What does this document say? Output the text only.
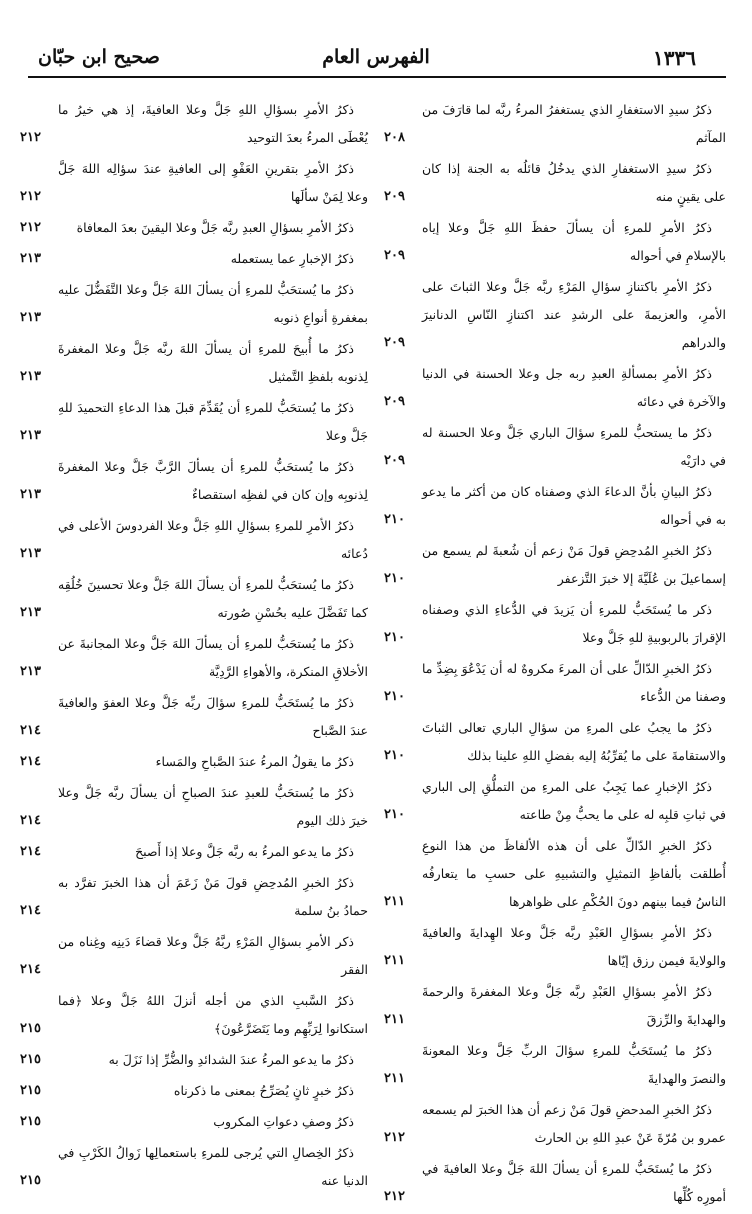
١٣٣٦
الفهرس العام
صحيح ابن حبّان
ذكرُ سيدِ الاستغفارِ الذي يستغفرُ المرءُ ربَّه لما قارَفَ من المآثم
٢٠٨
ذكرُ سيدِ الاستغفارِ الذي يدخُلُ قائلُه به الجنة إذا كان على يقينٍ منه
٢٠٩
ذكرُ الأمرِ للمرءِ أن يسألَ حفظَ اللهِ جَلَّ وعلا إياه بالإسلامِ في أحواله
٢٠٩
ذكرُ الأمرِ باكتنازِ سؤالِ المَرْءِ ربَّه جَلَّ وعلا الثباتَ على الأمرِ، والعزيمةَ على الرشدِ عند اكتنازِ النّاسِ الدنانيرَ والدراهم
٢٠٩
ذكرُ الأمرِ بمسألةِ العبدِ ربه جل وعلا الحسنة في الدنيا والآخرة في دعائه
٢٠٩
ذكرُ ما يستحبُّ للمرءِ سؤالَ الباري جَلَّ وعلا الحسنة له في دارَيْه
٢٠٩
ذكرُ البيانِ بأنَّ الدعاءَ الذي وصفناه كان من أكثر ما يدعو به في أحواله
٢١٠
ذكرُ الخبرِ المُدحِضِ قولَ مَنْ زعم أن شُعبةَ لم يسمع من إسماعيلَ بن عُلَيَّةَ إلا خبرَ التَّزعفر
٢١٠
ذكر ما يُستَحَبُّ للمرءِ أن يَزيدَ في الدُّعاءِ الذي وصفناه الإقرارَ بالربوبيةِ للهِ جَلَّ وعلا
٢١٠
ذكرُ الخبرِ الدّالِّ على أن المرءَ مكروهٌ له أن يَدْعُوَ بِضِدِّ ما وصفنا من الدُّعاء
٢١٠
ذكرُ ما يجبُ على المرءِ من سؤالِ الباري تعالى الثباتَ والاستقامةَ على ما يُقرِّبُهُ إليه بفضلِ اللهِ علينا بذلك
٢١٠
ذكرُ الإخبارِ عما يَجِبُ على المرءِ من التملُّقِ إلى الباري في ثباتِ قلبِه له على ما يحبُّ مِنْ طاعته
٢١٠
ذكرُ الخبرِ الدّالِّ على أن هذه الألفاظَ من هذا النوعِ أُطلقت بألفاظِ التمثيلِ والتشبيهِ على حسبِ ما يتعارفُه الناسُ فيما بينهم دونَ الحُكْمِ على ظواهرها
٢١١
ذكرُ الأمرِ بسؤالِ العَبْدِ ربَّه جَلَّ وعلا الهِدايةَ والعافيةَ والولايةَ فيمن رزق إيّاها
٢١١
ذكرُ الأمرِ بسؤالِ العَبْدِ ربَّه جَلَّ وعلا المغفرةَ والرحمةَ والهدايةَ والرِّزقَ
٢١١
ذكرُ ما يُستَحَبُّ للمرءِ سؤالَ الربِّ جَلَّ وعلا المعونةَ والنصرَ والهدايةَ
٢١١
ذكرُ الخبرِ المدحضِ قولَ مَنْ زعم أن هذا الخبرَ لم يسمعه عمرو بن مُرّةَ عَنْ عبدِ اللهِ بن الحارث
٢١٢
ذكرُ ما يُستَحَبُّ للمرءِ أن يسألَ اللهَ جَلَّ وعلا العافيةَ في أمورِه كُلِّها
٢١٢
ذكرُ الأمرِ بسؤالِ اللهِ جَلَّ وعلا العافيةَ، إذ هي خيرُ ما يُعْطَى المرءُ بعدَ التوحيد
٢١٢
ذكرُ الأمرِ بتقرينِ العَفْوِ إلى العافيةِ عندَ سؤالِه اللهَ جَلَّ وعلا لِمَنْ سألَها
٢١٢
ذكرُ الأمرِ بسؤالِ العبدِ ربَّه جَلَّ وعلا اليقينَ بعدَ المعافاة
٢١٢
ذكرُ الإخبارِ عما يستعمله
٢١٣
ذكرُ ما يُستحَبُّ للمرءِ أن يسألَ اللهَ جَلَّ وعلا التَّفَضُّلَ عليه بمغفرةِ أنواعِ ذنوبه
٢١٣
ذكرُ ما أُبيحَ للمرءِ أن يسألَ اللهَ ربَّه جَلَّ وعلا المغفرةَ لِذنوبه بلفظِ التَّمثيل
٢١٣
ذكرُ ما يُستحَبُّ للمرءِ أن يُقَدِّمَ قبلَ هذا الدعاءِ التحميدَ للهِ جَلَّ وعلا
٢١٣
ذكرُ ما يُستحَبُّ للمرءِ أن يسألَ الرَّبَّ جَلَّ وعلا المغفرةَ لِذنوبِه وإن كان في لفظِه استقصاءٌ
٢١٣
ذكرُ الأمرِ للمرءِ بسؤالِ اللهِ جَلَّ وعلا الفردوسَ الأعلى في دُعائه
٢١٣
ذكرُ ما يُستحَبُّ للمرءِ أن يسألَ اللهَ جَلَّ وعلا تحسينَ خُلُقِه كما تَفَضَّلَ عليه بحُسْنِ صُورته
٢١٣
ذكرُ ما يُستحَبُّ للمرءِ أن يسألَ اللهَ جَلَّ وعلا المجانبةَ عن الأخلاقِ المنكرة، والأهواءِ الرَّدِيَّة
٢١٣
ذكرُ ما يُستَحَبُّ للمرءِ سؤالَ ربِّه جَلَّ وعلا العفوَ والعافيةَ عندَ الصَّباح
٢١٤
ذكرُ ما يقولُ المرءُ عندَ الصَّباحِ والمَساء
٢١٤
ذكرُ ما يُستحَبُّ للعبدِ عندَ الصباحِ أن يسألَ ربَّه جَلَّ وعلا خيرَ ذلك اليوم
٢١٤
ذكرُ ما يدعو المرءُ به ربَّه جَلَّ وعلا إذا أَصبحَ
٢١٤
ذكرُ الخبرِ المُدحِضِ قولَ مَنْ زَعَمَ أن هذا الخبرَ تفرَّد به حمادُ بنُ سلمة
٢١٤
ذكر الأمرِ بسؤالِ المَرْءِ ربَّهُ جَلَّ وعلا قضاءَ دَينِه وغِناه من الفقر
٢١٤
ذكرُ السَّببِ الذي من أجله أنزلَ اللهُ جَلَّ وعلا ﴿فما استكانوا لِرَبِّهِم وما يَتَضَرَّعُونَ﴾
٢١٥
ذكرُ ما يدعو المرءُ عندَ الشدائدِ والضُّرِّ إذا نَزَلَ به
٢١٥
ذكرُ خبرٍ ثانٍ يُصَرِّحُ بمعنى ما ذكرناه
٢١٥
ذكرُ وصفِ دعواتِ المكروب
٢١٥
ذكرُ الخِصالِ التي يُرجى للمرءِ باستعمالِها زَوالُ الكَرْبِ في الدنيا عنه
٢١٥
